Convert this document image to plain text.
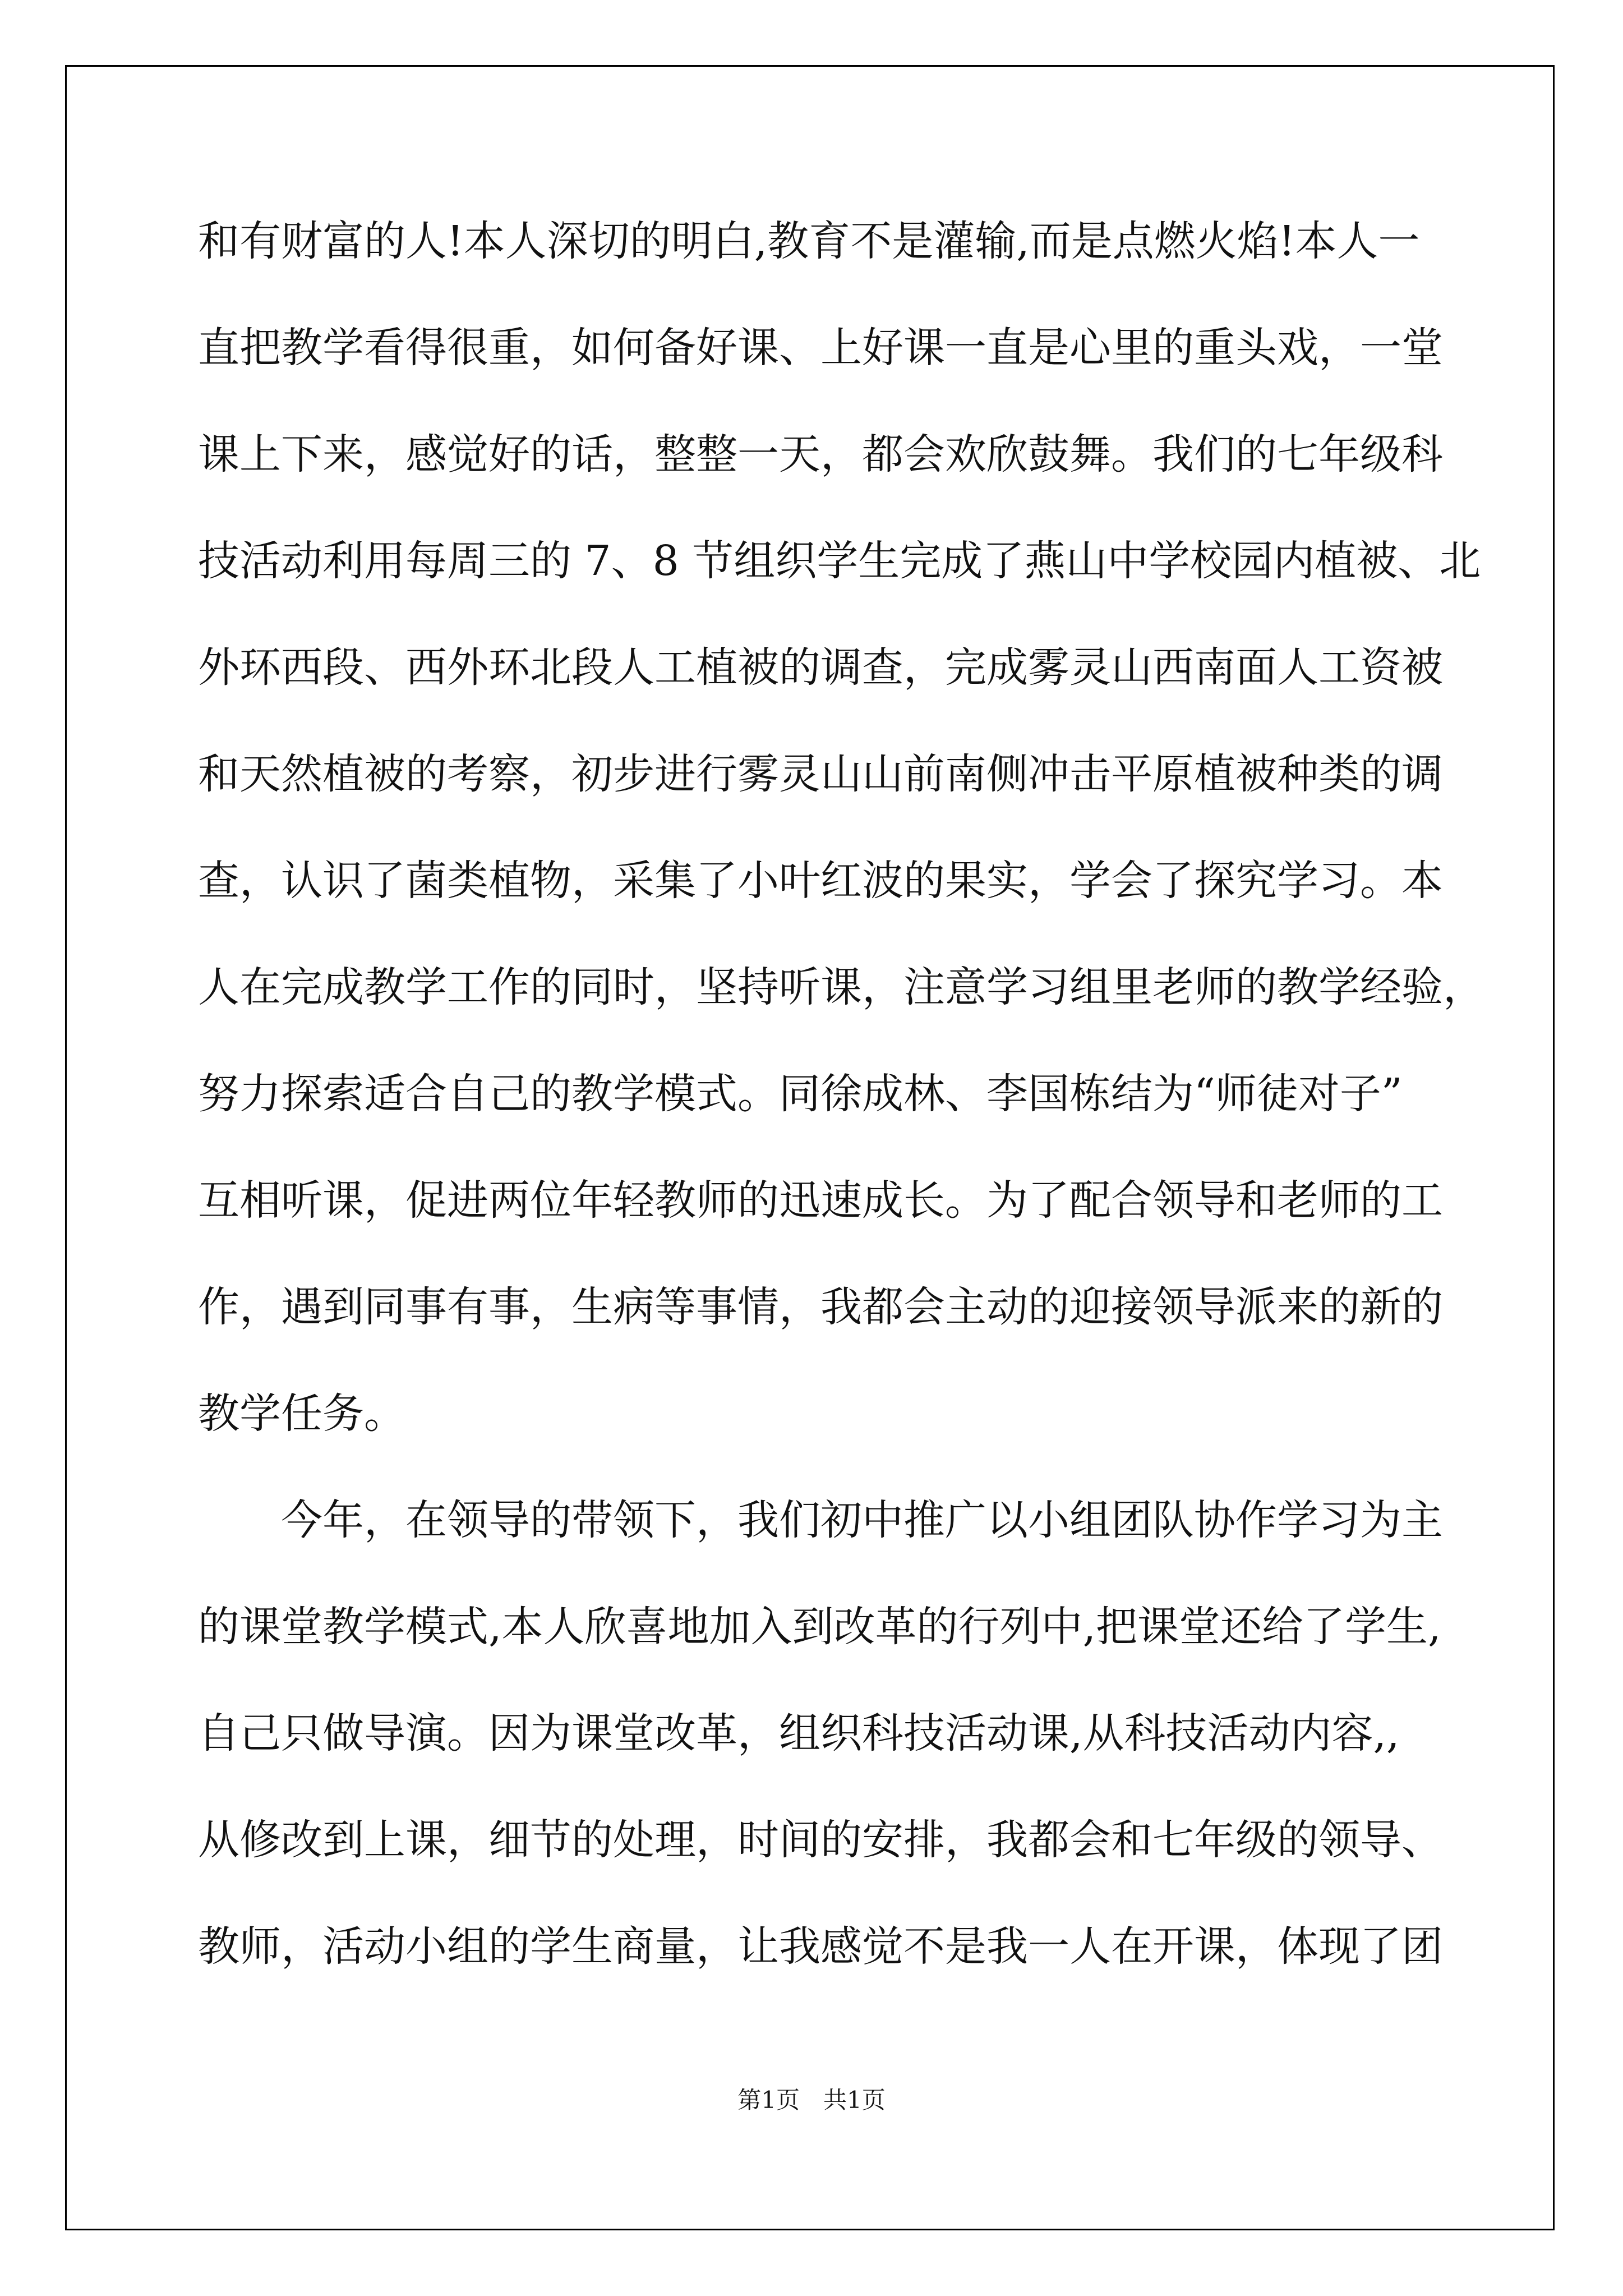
和有财富的人!本人深切的明白,教育不是灌输,而是点燃火焰!本人一
直把教学看得很重，如何备好课、上好课一直是心里的重头戏，一堂
课上下来，感觉好的话，整整一天，都会欢欣鼓舞。我们的七年级科
技活动利用每周三的 7、8 节组织学生完成了燕山中学校园内植被、北
外环西段、西外环北段人工植被的调查，完成雾灵山西南面人工资被
和天然植被的考察，初步进行雾灵山山前南侧冲击平原植被种类的调
查，认识了菌类植物，采集了小叶红波的果实，学会了探究学习。本
人在完成教学工作的同时，坚持听课，注意学习组里老师的教学经验，
努力探索适合自己的教学模式。同徐成林、李国栋结为“师徒对子”
互相听课，促进两位年轻教师的迅速成长。为了配合领导和老师的工
作，遇到同事有事，生病等事情，我都会主动的迎接领导派来的新的
教学任务。
　　今年，在领导的带领下，我们初中推广以小组团队协作学习为主
的课堂教学模式,本人欣喜地加入到改革的行列中,把课堂还给了学生,
自己只做导演。因为课堂改革，组织科技活动课,从科技活动内容,,
从修改到上课，细节的处理，时间的安排，我都会和七年级的领导、
教师，活动小组的学生商量，让我感觉不是我一人在开课，体现了团
第1页　共1页
